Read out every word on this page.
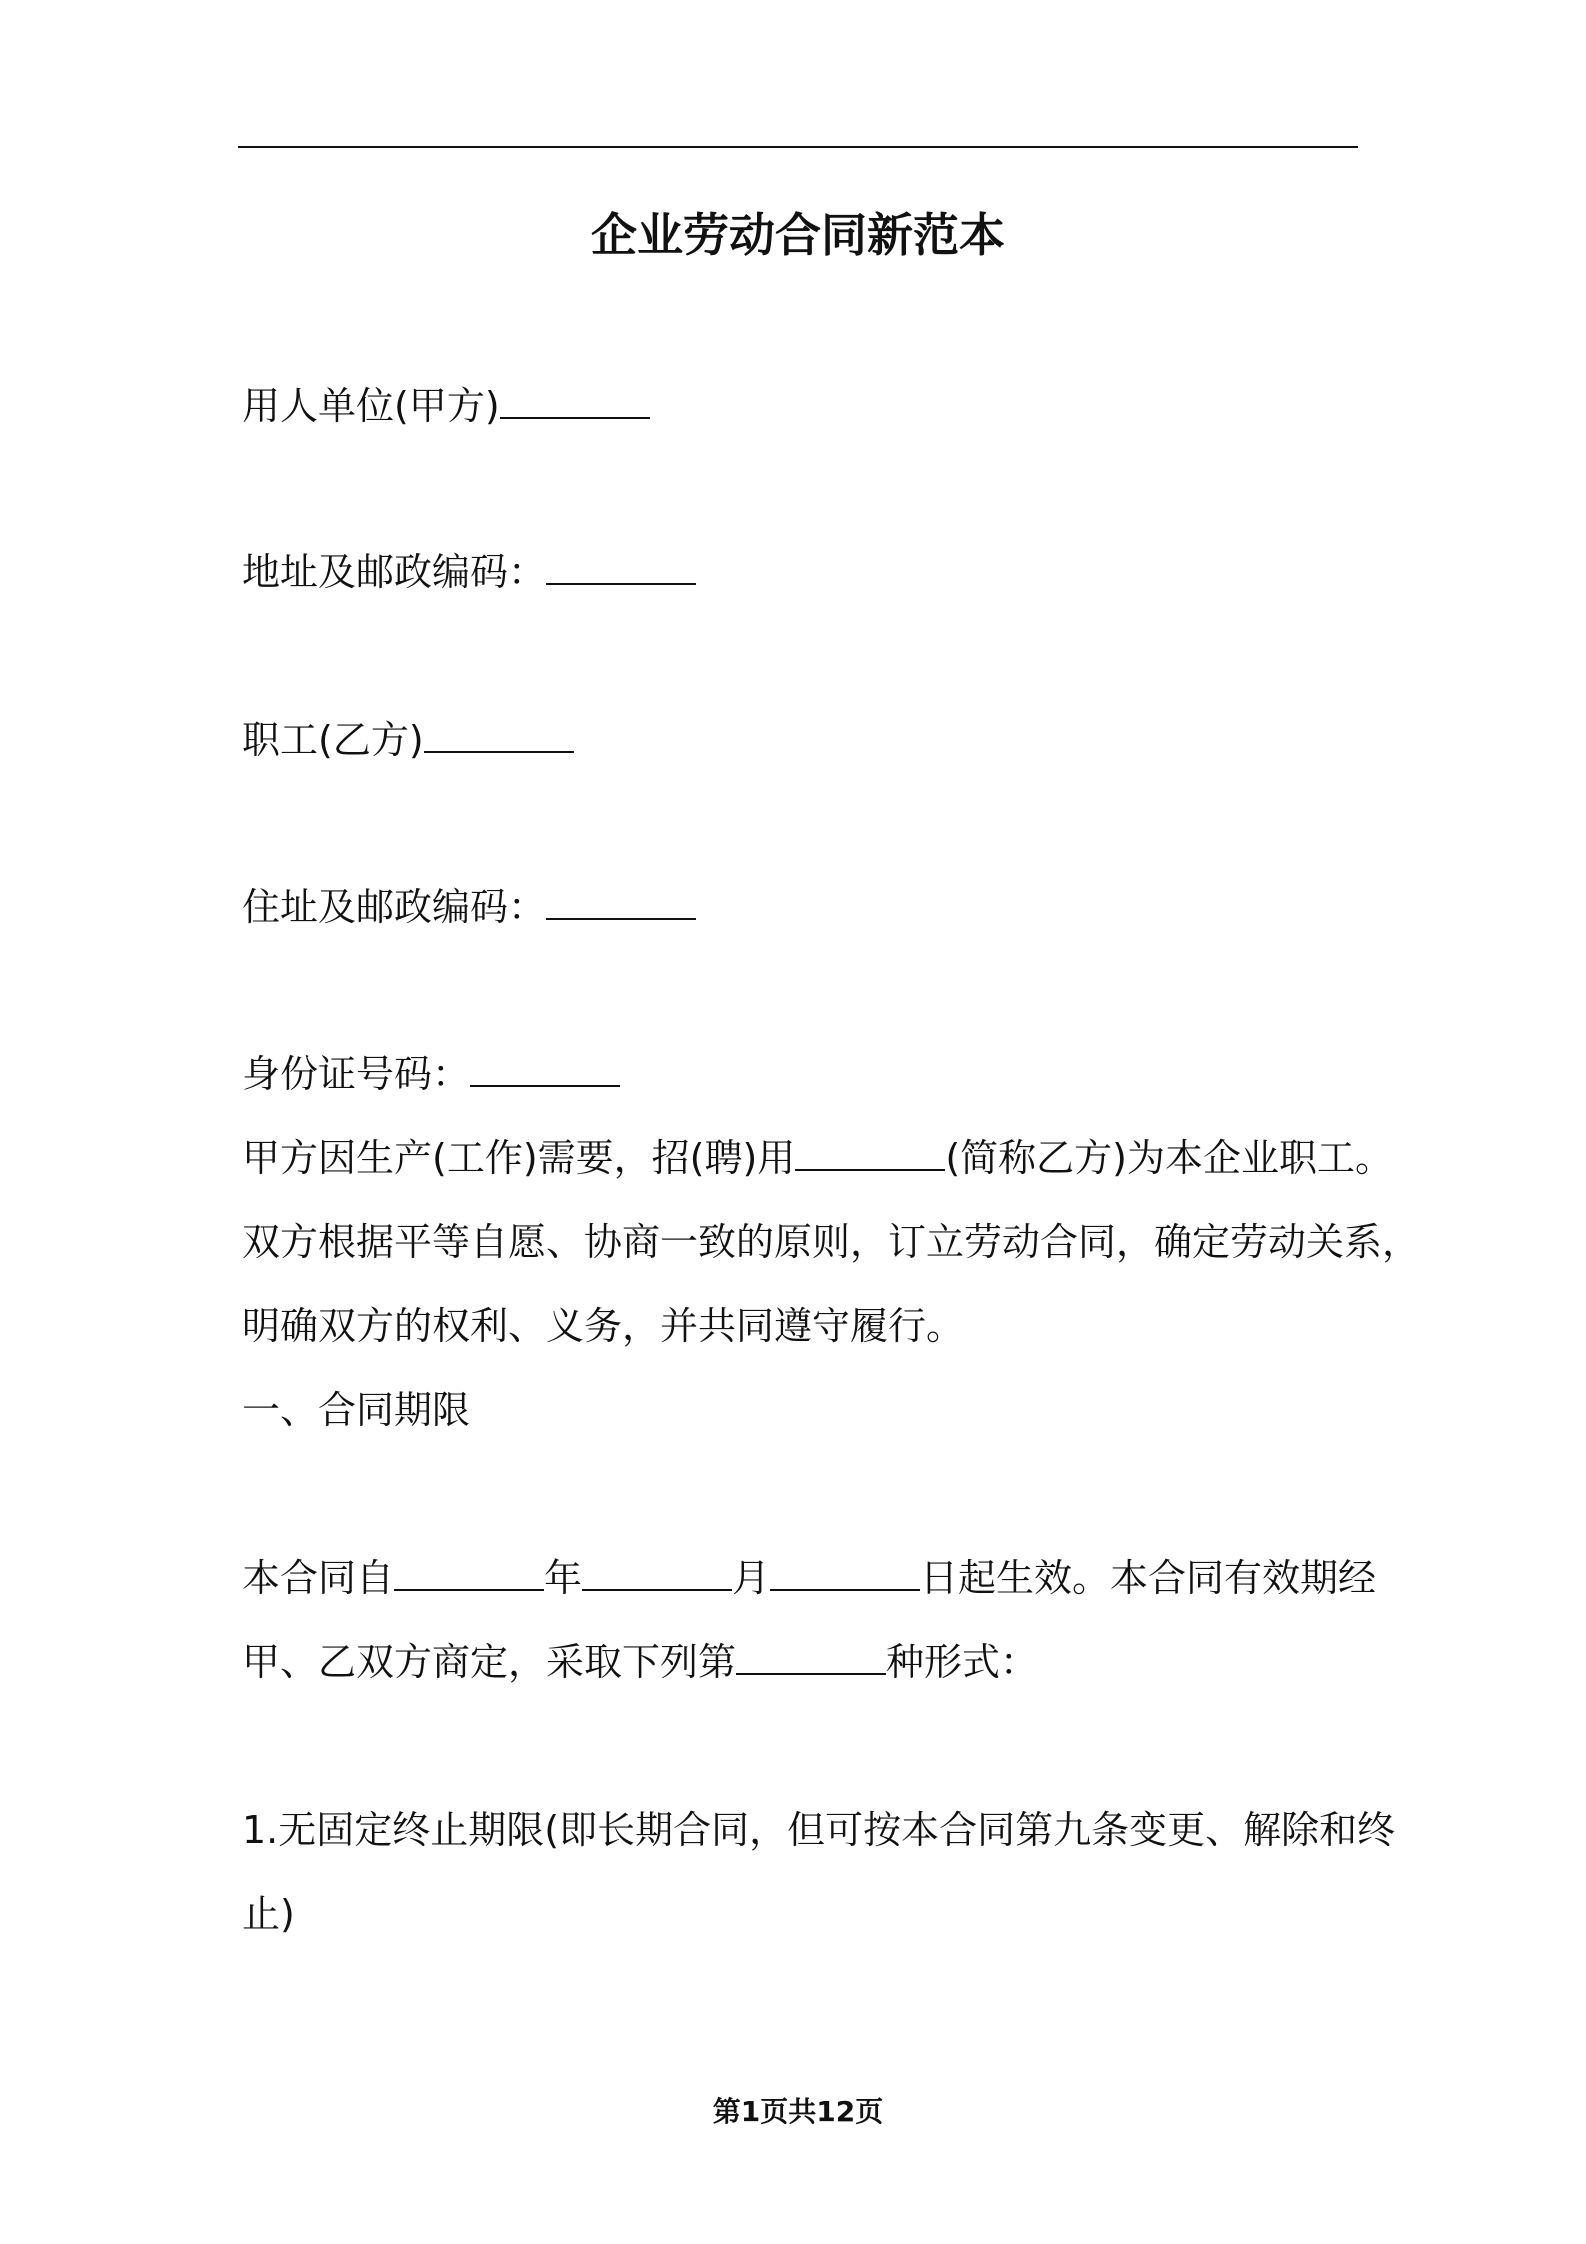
企业劳动合同新范本
用人单位(甲方)
地址及邮政编码：
职工(乙方)
住址及邮政编码：
身份证号码：
甲方因生产(工作)需要，招(聘)用	(简称乙方)为本企业职工。
双方根据平等自愿、协商一致的原则，订立劳动合同，确定劳动关系，
明确双方的权利、义务，并共同遵守履行。
一、合同期限
本合同自	年	月	日起生效。本合同有效期经
甲、乙双方商定，采取下列第	种形式：
1.无固定终止期限(即长期合同，但可按本合同第九条变更、解除和终
止)
第1页共12页
